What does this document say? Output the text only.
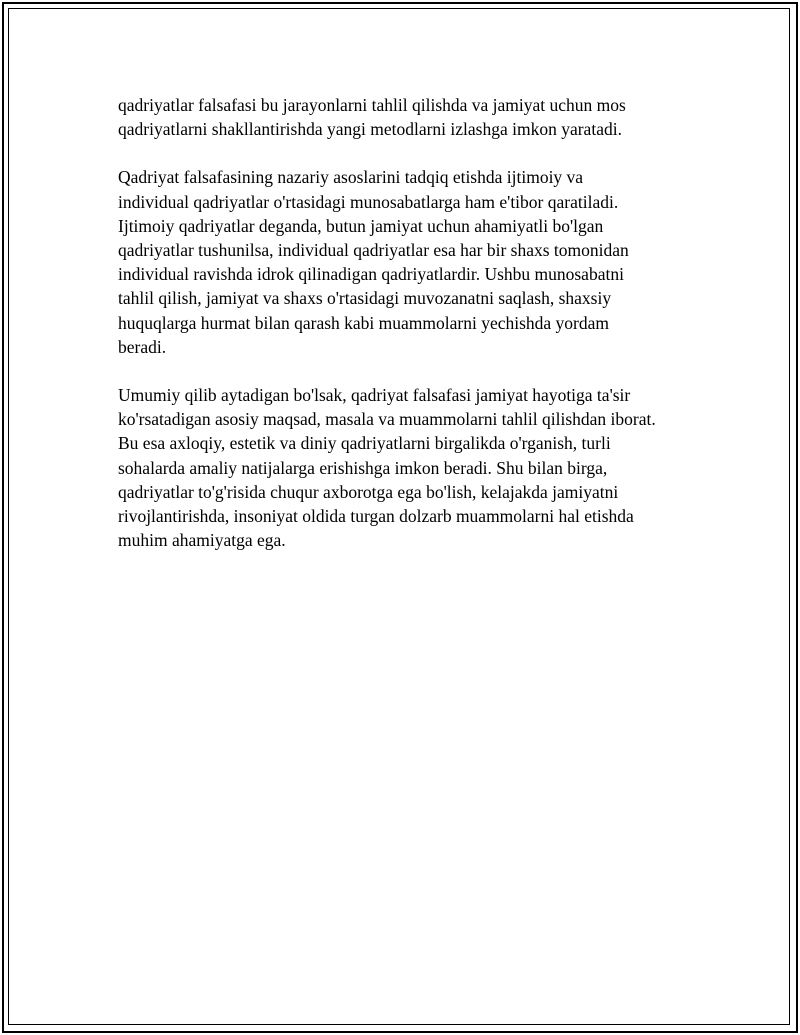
qadriyatlar falsafasi bu jarayonlarni tahlil qilishda va jamiyat uchun mos
qadriyatlarni shakllantirishda yangi metodlarni izlashga imkon yaratadi.

Qadriyat falsafasining nazariy asoslarini tadqiq etishda ijtimoiy va
individual qadriyatlar o'rtasidagi munosabatlarga ham e'tibor qaratiladi.
Ijtimoiy qadriyatlar deganda, butun jamiyat uchun ahamiyatli bo'lgan
qadriyatlar tushunilsa, individual qadriyatlar esa har bir shaxs tomonidan
individual ravishda idrok qilinadigan qadriyatlardir. Ushbu munosabatni
tahlil qilish, jamiyat va shaxs o'rtasidagi muvozanatni saqlash, shaxsiy
huquqlarga hurmat bilan qarash kabi muammolarni yechishda yordam
beradi.

Umumiy qilib aytadigan bo'lsak, qadriyat falsafasi jamiyat hayotiga ta'sir
ko'rsatadigan asosiy maqsad, masala va muammolarni tahlil qilishdan iborat.
Bu esa axloqiy, estetik va diniy qadriyatlarni birgalikda o'rganish, turli
sohalarda amaliy natijalarga erishishga imkon beradi. Shu bilan birga,
qadriyatlar to'g'risida chuqur axborotga ega bo'lish, kelajakda jamiyatni
rivojlantirishda, insoniyat oldida turgan dolzarb muammolarni hal etishda
muhim ahamiyatga ega.
